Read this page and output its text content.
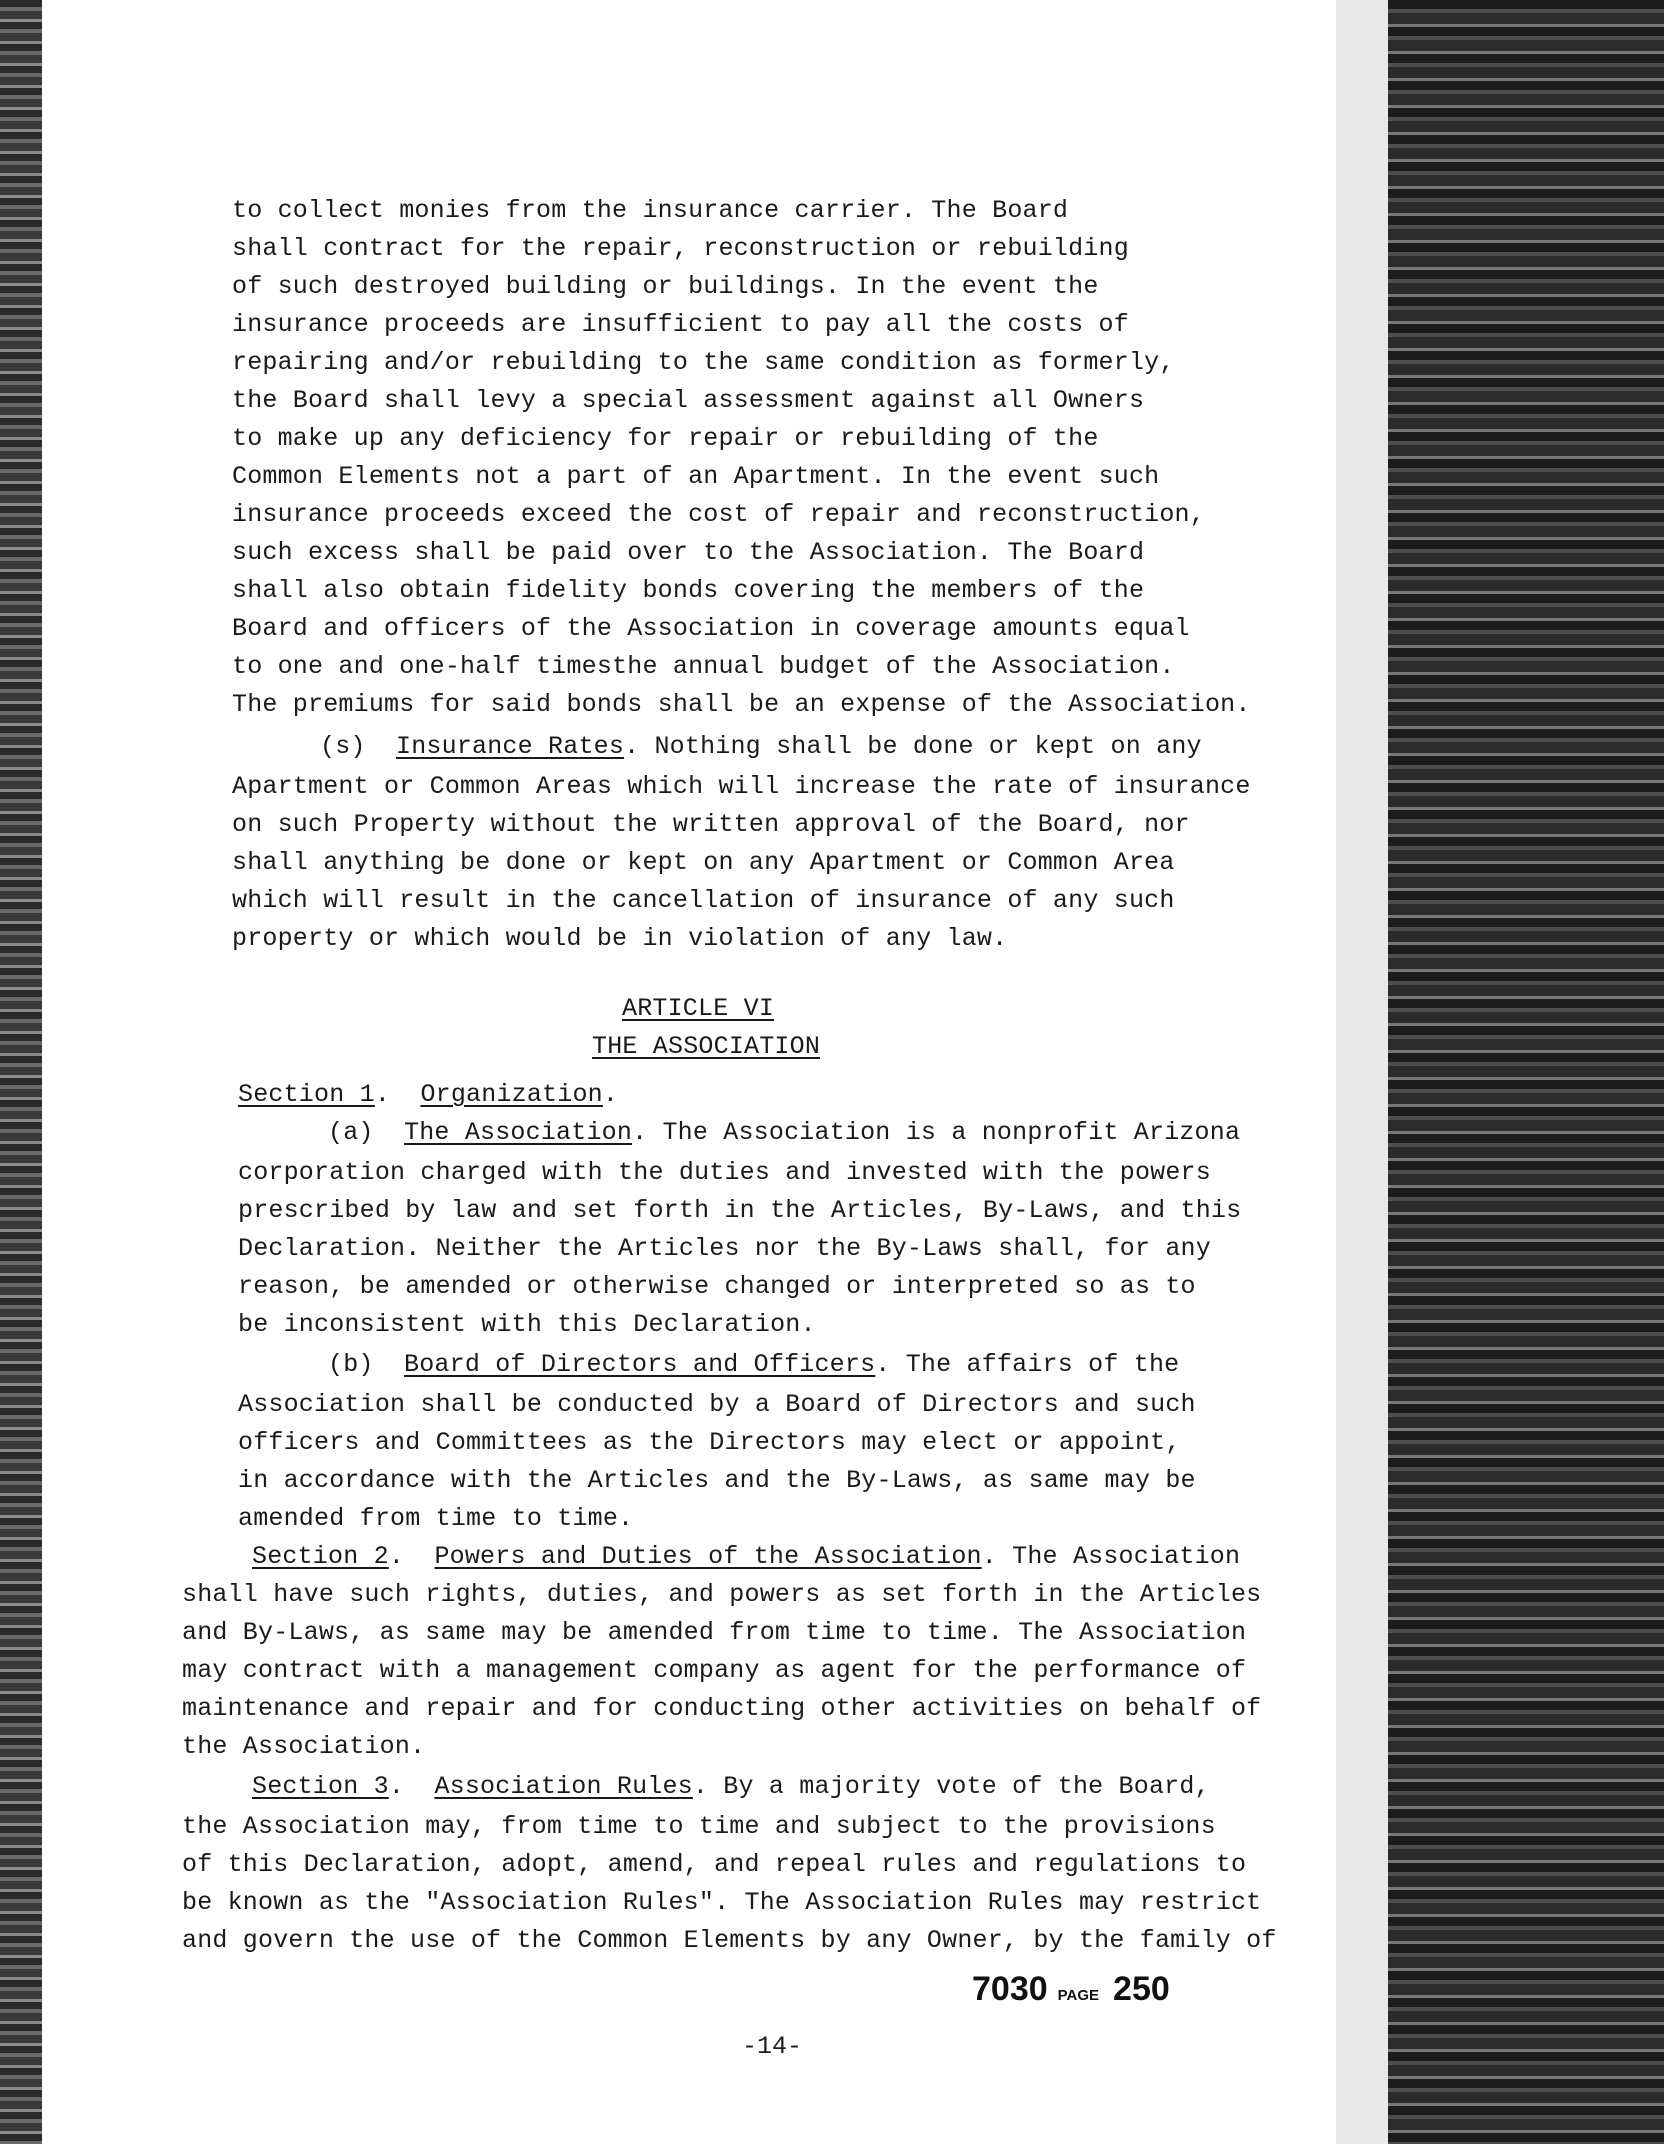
to collect monies from the insurance carrier. The Board
shall contract for the repair, reconstruction or rebuilding
of such destroyed building or buildings. In the event the
insurance proceeds are insufficient to pay all the costs of
repairing and/or rebuilding to the same condition as formerly,
the Board shall levy a special assessment against all Owners
to make up any deficiency for repair or rebuilding of the
Common Elements not a part of an Apartment. In the event such
insurance proceeds exceed the cost of repair and reconstruction,
such excess shall be paid over to the Association. The Board
shall also obtain fidelity bonds covering the members of the
Board and officers of the Association in coverage amounts equal
to one and one-half timesthe annual budget of the Association.
The premiums for said bonds shall be an expense of the Association.
(s) Insurance Rates. Nothing shall be done or kept on any
Apartment or Common Areas which will increase the rate of insurance
on such Property without the written approval of the Board, nor
shall anything be done or kept on any Apartment or Common Area
which will result in the cancellation of insurance of any such
property or which would be in violation of any law.
ARTICLE VI
THE ASSOCIATION
Section 1.  Organization.
(a) The Association. The Association is a nonprofit Arizona
corporation charged with the duties and invested with the powers
prescribed by law and set forth in the Articles, By-Laws, and this
Declaration. Neither the Articles nor the By-Laws shall, for any
reason, be amended or otherwise changed or interpreted so as to
be inconsistent with this Declaration.
(b) Board of Directors and Officers. The affairs of the
Association shall be conducted by a Board of Directors and such
officers and Committees as the Directors may elect or appoint,
in accordance with the Articles and the By-Laws, as same may be
amended from time to time.
Section 2.  Powers and Duties of the Association. The Association
shall have such rights, duties, and powers as set forth in the Articles
and By-Laws, as same may be amended from time to time. The Association
may contract with a management company as agent for the performance of
maintenance and repair and for conducting other activities on behalf of
the Association.
Section 3.  Association Rules. By a majority vote of the Board,
the Association may, from time to time and subject to the provisions
of this Declaration, adopt, amend, and repeal rules and regulations to
be known as the "Association Rules". The Association Rules may restrict
and govern the use of the Common Elements by any Owner, by the family of
7030 PAGE 250
-14-
